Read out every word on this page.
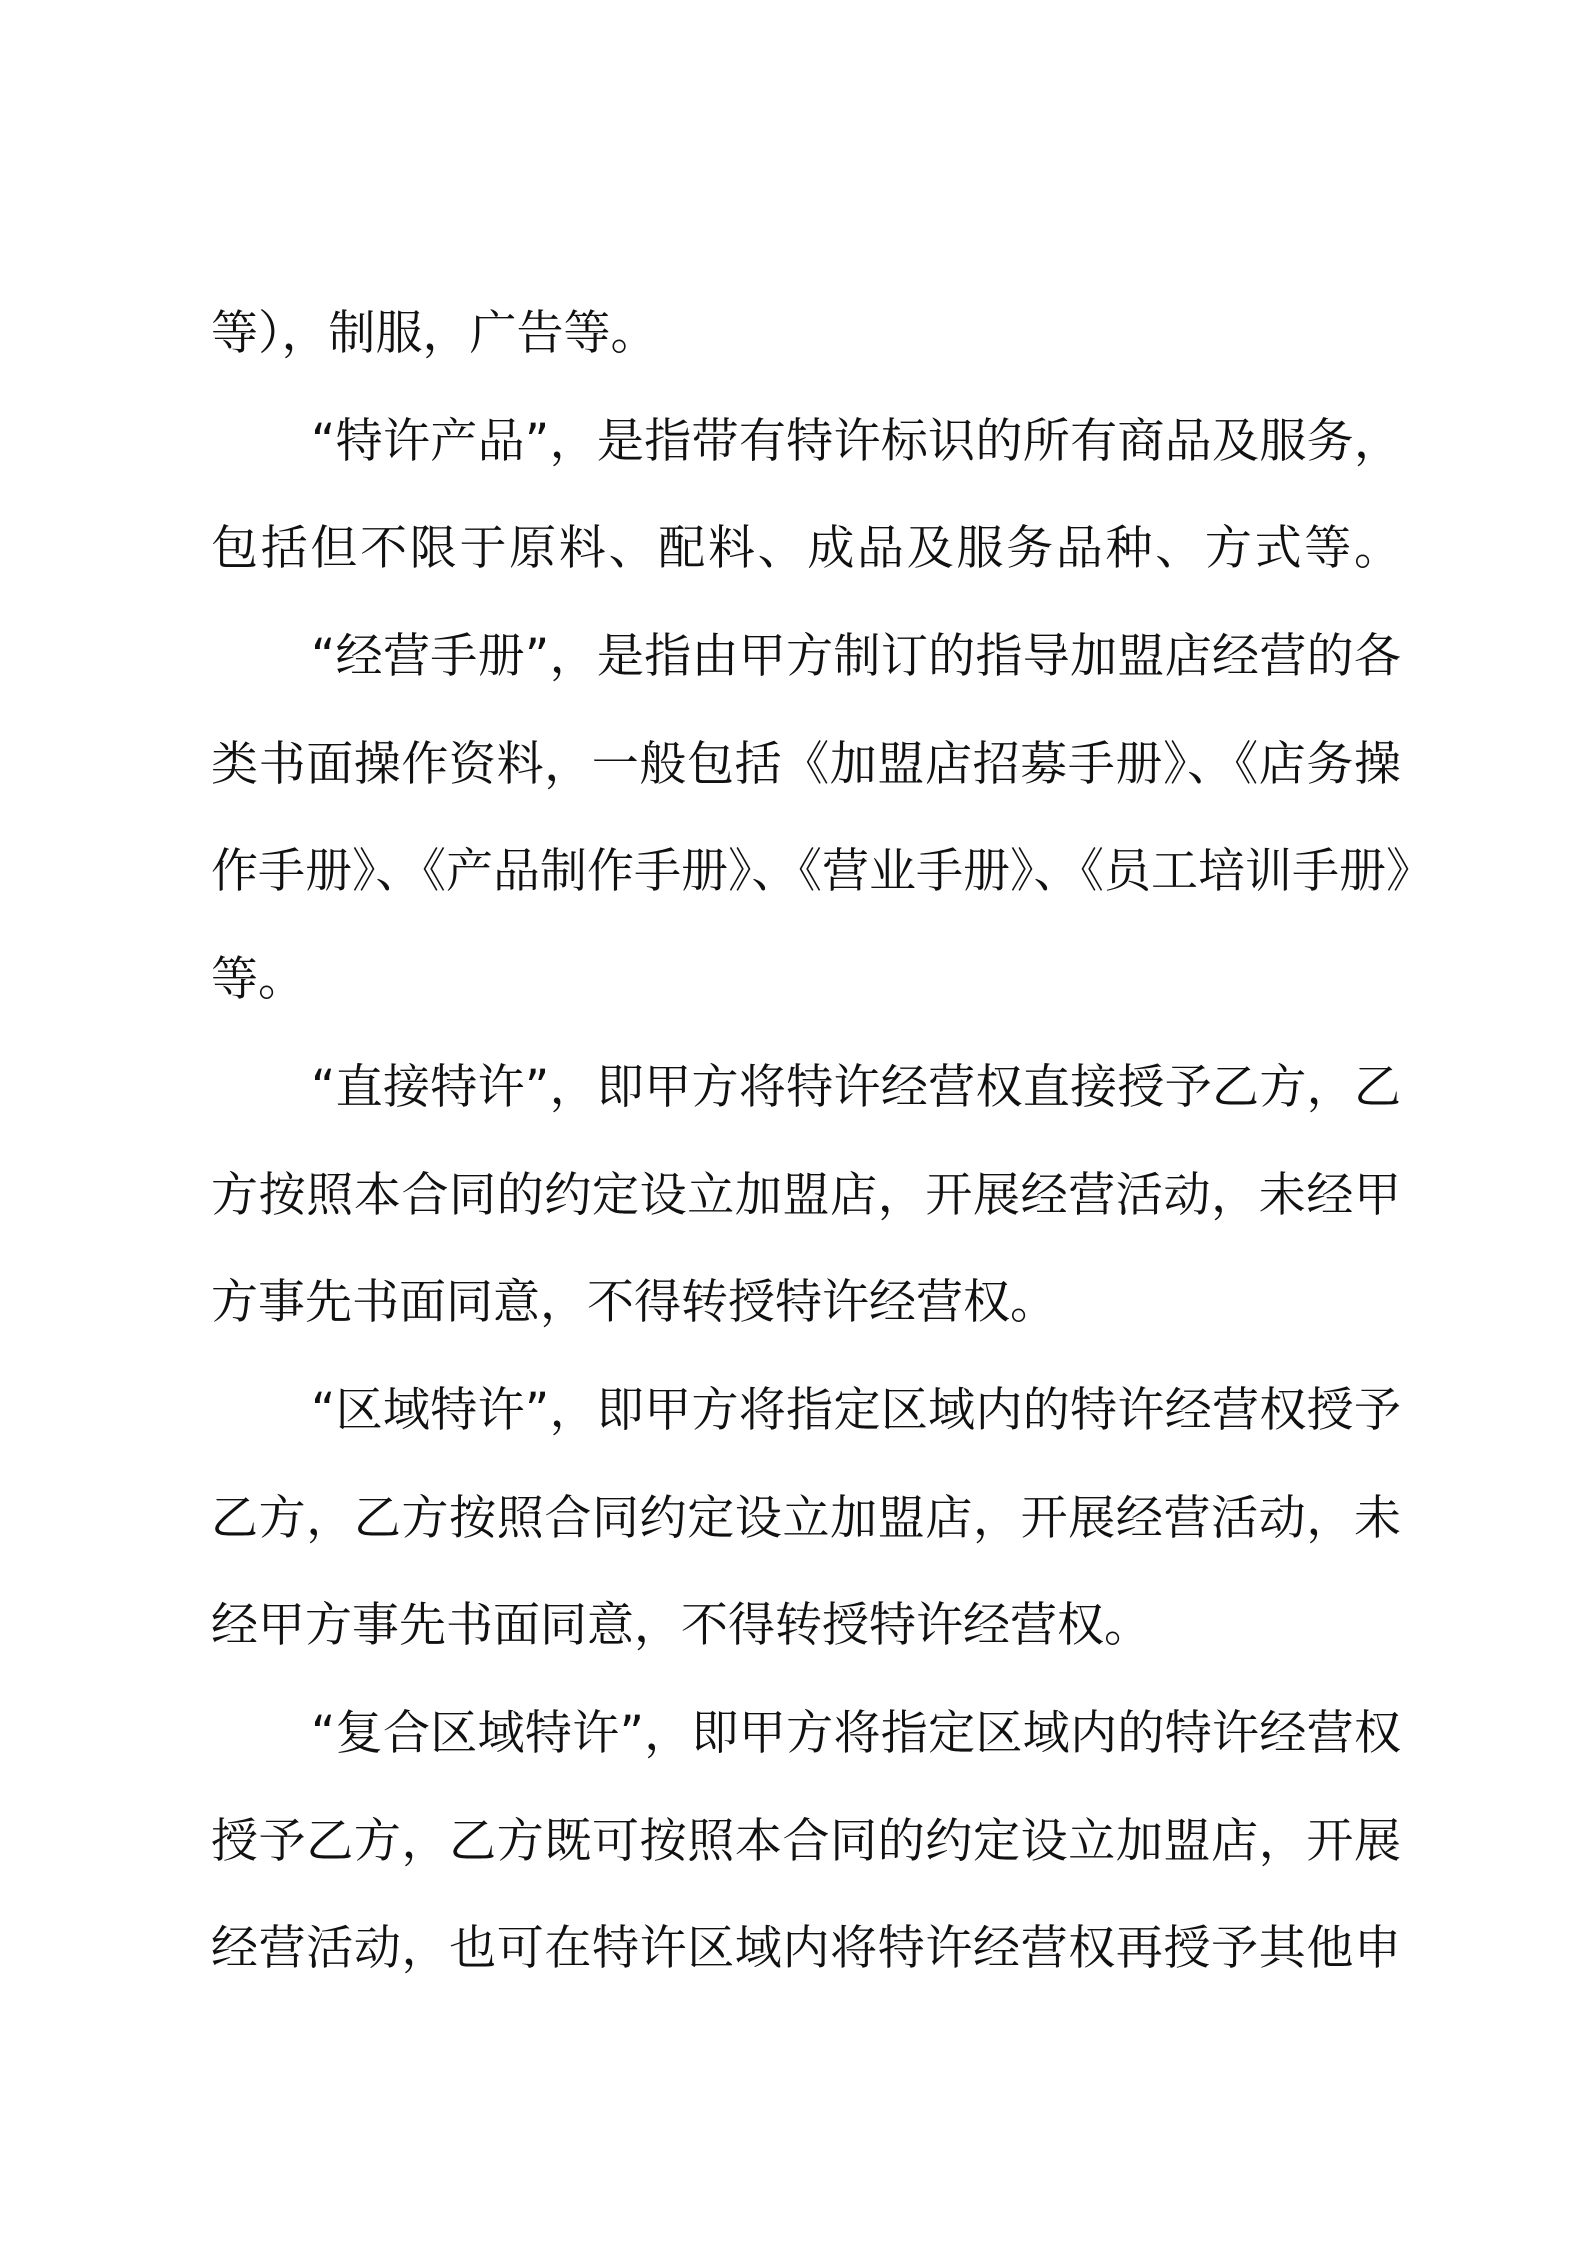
等），制服，广告等。
“特许产品”，是指带有特许标识的所有商品及服务，
包括但不限于原料、配料、成品及服务品种、方式等。
“经营手册”，是指由甲方制订的指导加盟店经营的各
类书面操作资料，一般包括《加盟店招募手册》、《店务操
作手册》、《产品制作手册》、《营业手册》、《员工培训手册》
等。
“直接特许”，即甲方将特许经营权直接授予乙方，乙
方按照本合同的约定设立加盟店，开展经营活动，未经甲
方事先书面同意，不得转授特许经营权。
“区域特许”，即甲方将指定区域内的特许经营权授予
乙方，乙方按照合同约定设立加盟店，开展经营活动，未
经甲方事先书面同意，不得转授特许经营权。
“复合区域特许”，即甲方将指定区域内的特许经营权
授予乙方，乙方既可按照本合同的约定设立加盟店，开展
经营活动，也可在特许区域内将特许经营权再授予其他申
